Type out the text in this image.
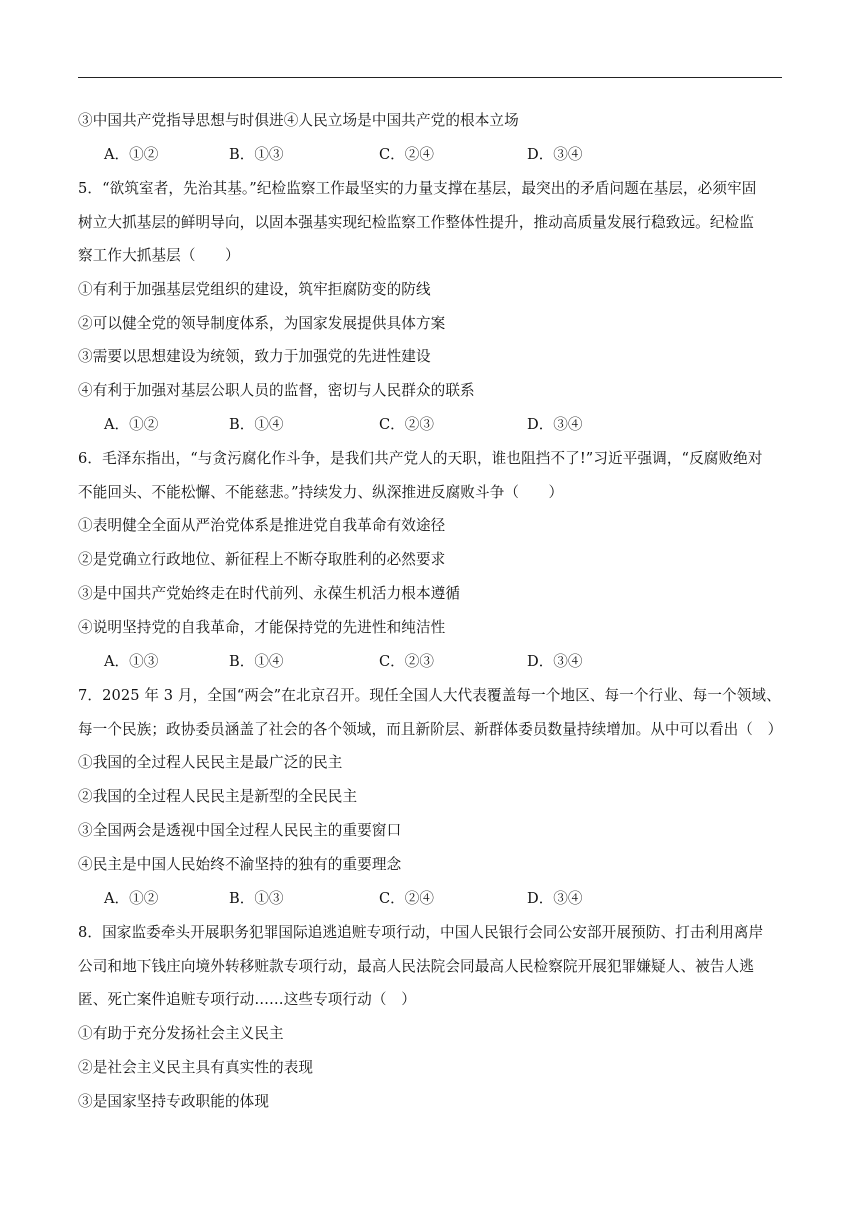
③中国共产党指导思想与时俱进④人民立场是中国共产党的根本立场
A．①②	B．①③	C．②④	D．③④
5．“欲筑室者，先治其基。”纪检监察工作最坚实的力量支撑在基层，最突出的矛盾问题在基层，必须牢固
树立大抓基层的鲜明导向，以固本强基实现纪检监察工作整体性提升，推动高质量发展行稳致远。纪检监
察工作大抓基层（　　）
①有利于加强基层党组织的建设，筑牢拒腐防变的防线
②可以健全党的领导制度体系，为国家发展提供具体方案
③需要以思想建设为统领，致力于加强党的先进性建设
④有利于加强对基层公职人员的监督，密切与人民群众的联系
A．①②	B．①④	C．②③	D．③④
6．毛泽东指出，“与贪污腐化作斗争，是我们共产党人的天职，谁也阻挡不了!”习近平强调，“反腐败绝对
不能回头、不能松懈、不能慈悲。”持续发力、纵深推进反腐败斗争（　　）
①表明健全全面从严治党体系是推进党自我革命有效途径
②是党确立行政地位、新征程上不断夺取胜利的必然要求
③是中国共产党始终走在时代前列、永葆生机活力根本遵循
④说明坚持党的自我革命，才能保持党的先进性和纯洁性
A．①③	B．①④	C．②③	D．③④
7．2025 年 3 月，全国“两会”在北京召开。现任全国人大代表覆盖每一个地区、每一个行业、每一个领域、
每一个民族；政协委员涵盖了社会的各个领域，而且新阶层、新群体委员数量持续增加。从中可以看出（　）
①我国的全过程人民民主是最广泛的民主
②我国的全过程人民民主是新型的全民民主
③全国两会是透视中国全过程人民民主的重要窗口
④民主是中国人民始终不渝坚持的独有的重要理念
A．①②	B．①③	C．②④	D．③④
8．国家监委牵头开展职务犯罪国际追逃追赃专项行动，中国人民银行会同公安部开展预防、打击利用离岸
公司和地下钱庄向境外转移赃款专项行动，最高人民法院会同最高人民检察院开展犯罪嫌疑人、被告人逃
匿、死亡案件追赃专项行动……这些专项行动（　）
①有助于充分发扬社会主义民主
②是社会主义民主具有真实性的表现
③是国家坚持专政职能的体现
